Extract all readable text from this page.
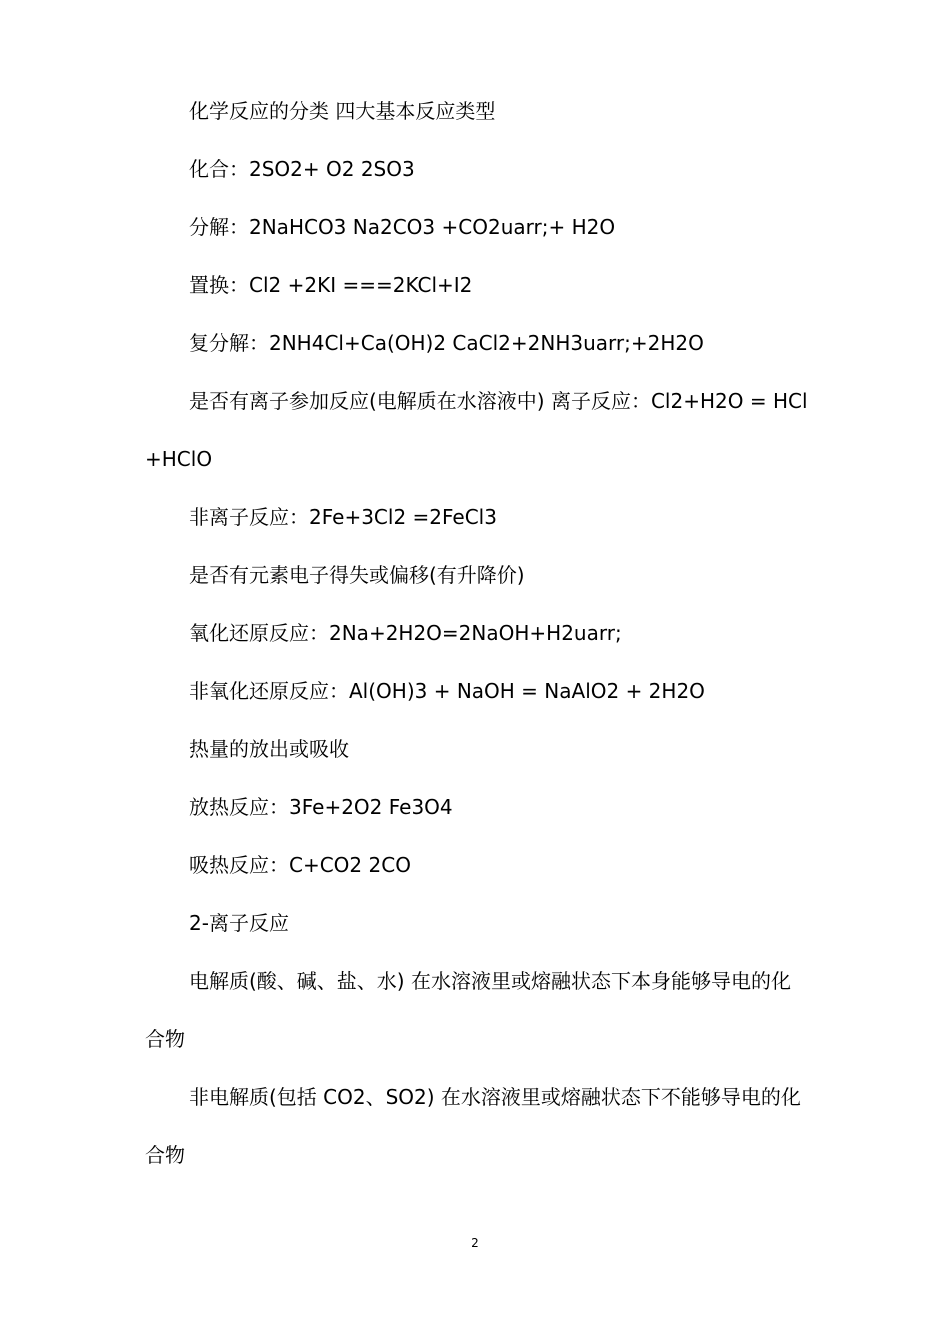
化学反应的分类 四大基本反应类型

化合：2SO2+ O2 2SO3

分解：2NaHCO3 Na2CO3 +CO2uarr;+ H2O

置换：Cl2 +2KI ===2KCl+I2

复分解：2NH4Cl+Ca(OH)2 CaCl2+2NH3uarr;+2H2O

是否有离子参加反应(电解质在水溶液中) 离子反应：Cl2+H2O = HCl+HClO

非离子反应：2Fe+3Cl2 =2FeCl3

是否有元素电子得失或偏移(有升降价)

氧化还原反应：2Na+2H2O=2NaOH+H2uarr;

非氧化还原反应：Al(OH)3 + NaOH = NaAlO2 + 2H2O

热量的放出或吸收

放热反应：3Fe+2O2 Fe3O4

吸热反应：C+CO2 2CO

2-离子反应

电解质(酸、碱、盐、水) 在水溶液里或熔融状态下本身能够导电的化合物

非电解质(包括 CO2、SO2) 在水溶液里或熔融状态下不能够导电的化合物

2
